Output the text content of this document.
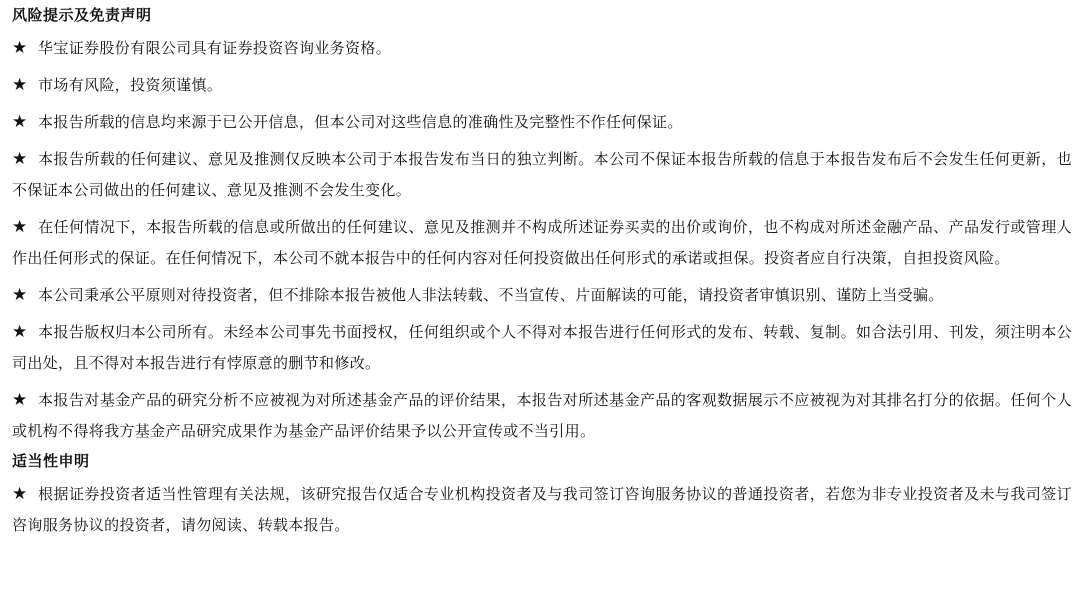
风险提示及免责声明

★ 华宝证券股份有限公司具有证券投资咨询业务资格。

★ 市场有风险，投资须谨慎。

★ 本报告所载的信息均来源于已公开信息，但本公司对这些信息的准确性及完整性不作任何保证。

★ 本报告所载的任何建议、意见及推测仅反映本公司于本报告发布当日的独立判断。本公司不保证本报告所载的信息于本报告发布后不会发生任何更新，也不保证本公司做出的任何建议、意见及推测不会发生变化。

★ 在任何情况下，本报告所载的信息或所做出的任何建议、意见及推测并不构成所述证券买卖的出价或询价，也不构成对所述金融产品、产品发行或管理人作出任何形式的保证。在任何情况下，本公司不就本报告中的任何内容对任何投资做出任何形式的承诺或担保。投资者应自行决策，自担投资风险。

★ 本公司秉承公平原则对待投资者，但不排除本报告被他人非法转载、不当宣传、片面解读的可能，请投资者审慎识别、谨防上当受骗。

★ 本报告版权归本公司所有。未经本公司事先书面授权，任何组织或个人不得对本报告进行任何形式的发布、转载、复制。如合法引用、刊发，须注明本公司出处，且不得对本报告进行有悖原意的删节和修改。

★ 本报告对基金产品的研究分析不应被视为对所述基金产品的评价结果，本报告对所述基金产品的客观数据展示不应被视为对其排名打分的依据。任何个人或机构不得将我方基金产品研究成果作为基金产品评价结果予以公开宣传或不当引用。

适当性申明

★ 根据证券投资者适当性管理有关法规，该研究报告仅适合专业机构投资者及与我司签订咨询服务协议的普通投资者，若您为非专业投资者及未与我司签订咨询服务协议的投资者，请勿阅读、转载本报告。
